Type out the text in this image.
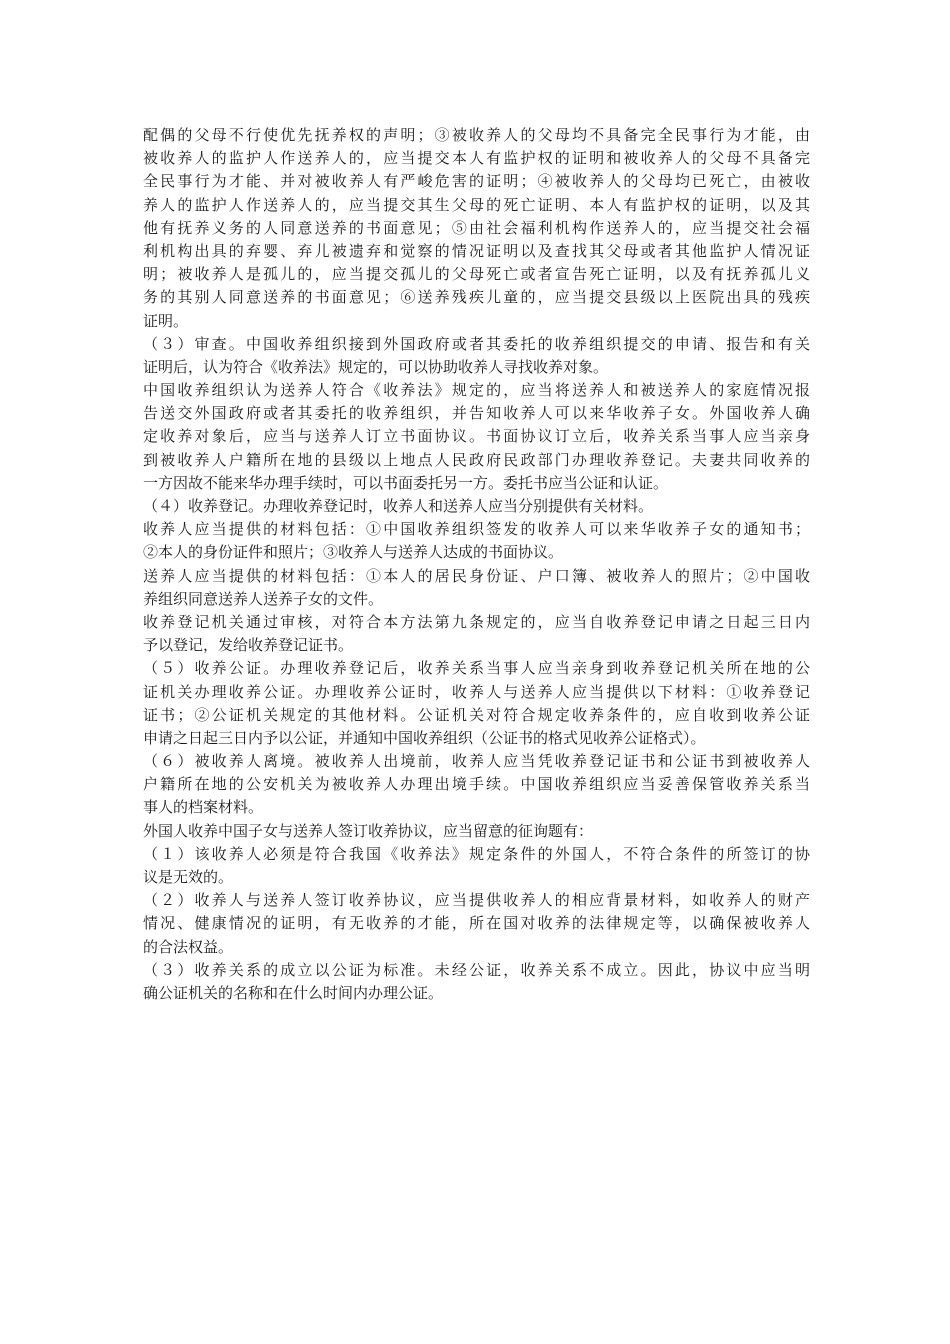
配偶的父母不行使优先抚养权的声明；③被收养人的父母均不具备完全民事行为才能，由
被收养人的监护人作送养人的，应当提交本人有监护权的证明和被收养人的父母不具备完
全民事行为才能、并对被收养人有严峻危害的证明；④被收养人的父母均已死亡，由被收
养人的监护人作送养人的，应当提交其生父母的死亡证明、本人有监护权的证明，以及其
他有抚养义务的人同意送养的书面意见；⑤由社会福利机构作送养人的，应当提交社会福
利机构出具的弃婴、弃儿被遗弃和觉察的情况证明以及查找其父母或者其他监护人情况证
明；被收养人是孤儿的，应当提交孤儿的父母死亡或者宣告死亡证明，以及有抚养孤儿义
务的其别人同意送养的书面意见；⑥送养残疾儿童的，应当提交县级以上医院出具的残疾
证明。
（３）审查。中国收养组织接到外国政府或者其委托的收养组织提交的申请、报告和有关
证明后，认为符合《收养法》规定的，可以协助收养人寻找收养对象。
中国收养组织认为送养人符合《收养法》规定的，应当将送养人和被送养人的家庭情况报
告送交外国政府或者其委托的收养组织，并告知收养人可以来华收养子女。外国收养人确
定收养对象后，应当与送养人订立书面协议。书面协议订立后，收养关系当事人应当亲身
到被收养人户籍所在地的县级以上地点人民政府民政部门办理收养登记。夫妻共同收养的
一方因故不能来华办理手续时，可以书面委托另一方。委托书应当公证和认证。
（４）收养登记。办理收养登记时，收养人和送养人应当分别提供有关材料。
收养人应当提供的材料包括：①中国收养组织签发的收养人可以来华收养子女的通知书；
②本人的身份证件和照片；③收养人与送养人达成的书面协议。
送养人应当提供的材料包括：①本人的居民身份证、户口簿、被收养人的照片；②中国收
养组织同意送养人送养子女的文件。
收养登记机关通过审核，对符合本方法第九条规定的，应当自收养登记申请之日起三日内
予以登记，发给收养登记证书。
（５）收养公证。办理收养登记后，收养关系当事人应当亲身到收养登记机关所在地的公
证机关办理收养公证。办理收养公证时，收养人与送养人应当提供以下材料：①收养登记
证书；②公证机关规定的其他材料。公证机关对符合规定收养条件的，应自收到收养公证
申请之日起三日内予以公证，并通知中国收养组织（公证书的格式见收养公证格式）。
（６）被收养人离境。被收养人出境前，收养人应当凭收养登记证书和公证书到被收养人
户籍所在地的公安机关为被收养人办理出境手续。中国收养组织应当妥善保管收养关系当
事人的档案材料。
外国人收养中国子女与送养人签订收养协议，应当留意的征询题有：
（１）该收养人必须是符合我国《收养法》规定条件的外国人，不符合条件的所签订的协
议是无效的。
（２）收养人与送养人签订收养协议，应当提供收养人的相应背景材料，如收养人的财产
情况、健康情况的证明，有无收养的才能，所在国对收养的法律规定等，以确保被收养人
的合法权益。
（３）收养关系的成立以公证为标准。未经公证，收养关系不成立。因此，协议中应当明
确公证机关的名称和在什么时间内办理公证。
